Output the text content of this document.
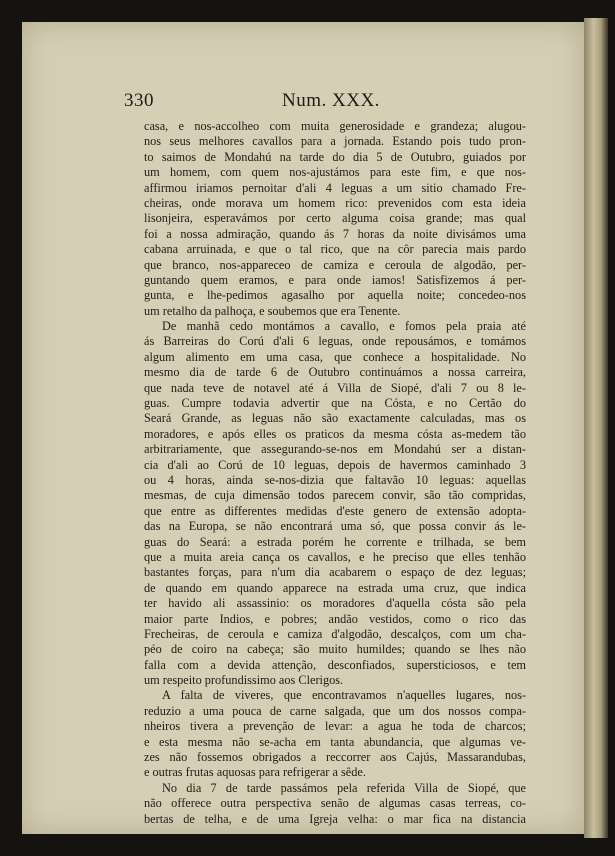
330	Num. XXX.
casa, e nos-accolheo com muita generosidade e grandeza; alugou-
nos seus melhores cavallos para a jornada. Estando pois tudo pron-
to saimos de Mondahú na tarde do dia 5 de Outubro, guiados por
um homem, com quem nos-ajustámos para este fim, e que nos-
affirmou iriamos pernoitar d'ali 4 leguas a um sitio chamado Fre-
cheiras, onde morava um homem rico: prevenidos com esta ideia
lisonjeira, esperavámos por certo alguma coisa grande; mas qual
foi a nossa admiração, quando ás 7 horas da noite divisámos uma
cabana arruinada, e que o tal rico, que na côr parecia mais pardo
que branco, nos-appareceo de camiza e ceroula de algodão, per-
guntando quem eramos, e para onde iamos! Satisfizemos á per-
gunta, e lhe-pedimos agasalho por aquella noite; concedeo-nos
um retalho da palhoça, e soubemos que era Tenente.
De manhã cedo montámos a cavallo, e fomos pela praia até
ás Barreiras do Corú d'ali 6 leguas, onde repousámos, e tomámos
algum alimento em uma casa, que conhece a hospitalidade. No
mesmo dia de tarde 6 de Outubro continuámos a nossa carreira,
que nada teve de notavel até á Villa de Siopé, d'ali 7 ou 8 le-
guas. Cumpre todavia advertir que na Cósta, e no Certão do
Seará Grande, as leguas não são exactamente calculadas, mas os
moradores, e após elles os praticos da mesma cósta as-medem tão
arbitrariamente, que assegurando-se-nos em Mondahú ser a distan-
cia d'ali ao Corú de 10 leguas, depois de havermos caminhado 3
ou 4 horas, ainda se-nos-dizia que faltavão 10 leguas: aquellas
mesmas, de cuja dimensão todos parecem convir, são tão compridas,
que entre as differentes medidas d'este genero de extensão adopta-
das na Europa, se não encontrará uma só, que possa convir ás le-
guas do Seará: a estrada porém he corrente e trilhada, se bem
que a muita areia cança os cavallos, e he preciso que elles tenhão
bastantes forças, para n'um dia acabarem o espaço de dez leguas;
de quando em quando apparece na estrada uma cruz, que indica
ter havido ali assassinio: os moradores d'aquella cósta são pela
maior parte Indios, e pobres; andão vestidos, como o rico das
Frecheiras, de ceroula e camiza d'algodão, descalços, com um cha-
péo de coiro na cabeça; são muito humildes; quando se lhes não
falla com a devida attenção, desconfiados, supersticiosos, e tem
um respeito profundissimo aos Clerigos.
A falta de viveres, que encontravamos n'aquelles lugares, nos-
reduzio a uma pouca de carne salgada, que um dos nossos compa-
nheiros tivera a prevenção de levar: a agua he toda de charcos;
e esta mesma não se-acha em tanta abundancia, que algumas ve-
zes não fossemos obrigados a reccorrer aos Cajús, Massarandubas,
e outras frutas aquosas para refrigerar a sêde.
No dia 7 de tarde passámos pela referida Villa de Siopé, que
não offerece outra perspectiva senão de algumas casas terreas, co-
bertas de telha, e de uma Igreja velha: o mar fica na distancia
